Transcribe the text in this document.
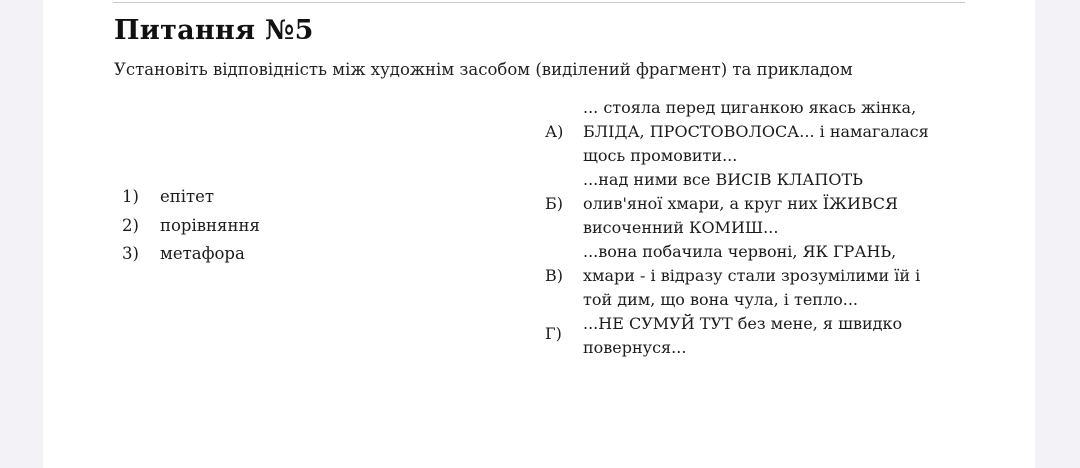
Питання №5
Установіть відповідність між художнім засобом (виділений фрагмент) та прикладом
1) епітет
2) порівняння
3) метафора
А)
... стояла перед циганкою якась жінка,
БЛІДА, ПРОСТОВОЛОСА... і намагалася
щось промовити...
Б)
...над ними все ВИСІВ КЛАПОТЬ
олив'яної хмари, а круг них ЇЖИВСЯ
височенний КОМИШ...
В)
...вона побачила червоні, ЯК ГРАНЬ,
хмари - і відразу стали зрозумілими їй і
той дим, що вона чула, і тепло...
Г)
...НЕ СУМУЙ ТУТ без мене, я швидко
повернуся...
